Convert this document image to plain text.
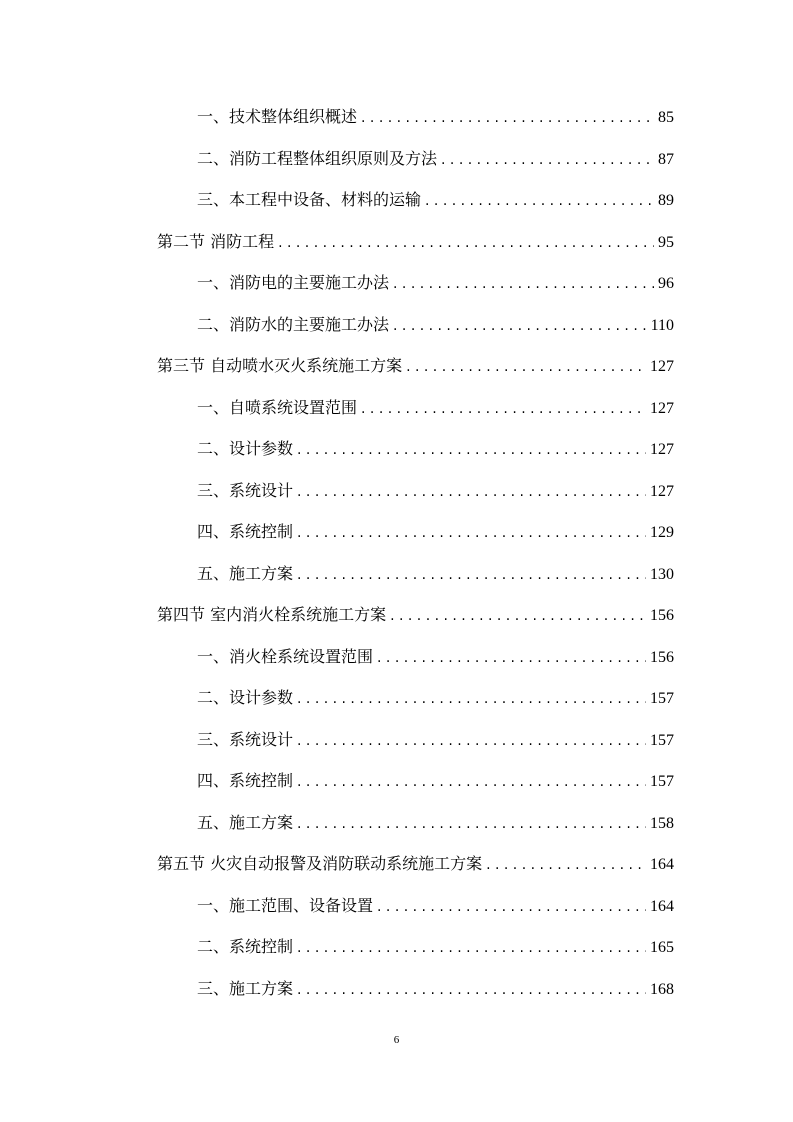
一、技术整体组织概述 . . .	85
二、消防工程整体组织原则及方法 . . .	87
三、本工程中设备、材料的运输 . . .	89
第二节 消防工程 . . .	95
一、消防电的主要施工办法 . . .	96
二、消防水的主要施工办法 . . .	110
第三节 自动喷水灭火系统施工方案 . . .	127
一、自喷系统设置范围 . . .	127
二、设计参数 . . .	127
三、系统设计 . . .	127
四、系统控制 . . .	129
五、施工方案 . . .	130
第四节 室内消火栓系统施工方案 . . .	156
一、消火栓系统设置范围 . . .	156
二、设计参数 . . .	157
三、系统设计 . . .	157
四、系统控制 . . .	157
五、施工方案 . . .	158
第五节 火灾自动报警及消防联动系统施工方案 . . .	164
一、施工范围、设备设置 . . .	164
二、系统控制 . . .	165
三、施工方案 . . .	168
6
